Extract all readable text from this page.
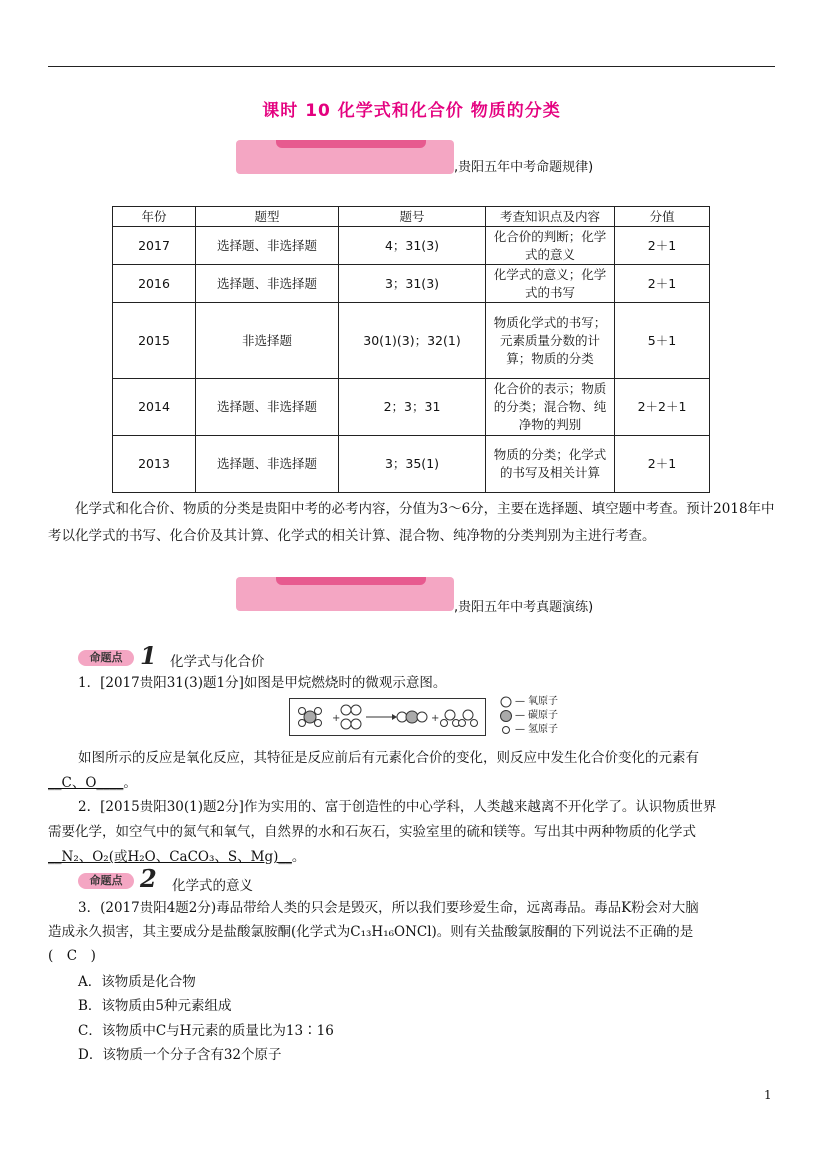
课时 10 化学式和化合价 物质的分类
,贵阳五年中考命题规律)
年份	题型	题号	考查知识点及内容	分值
2017	选择题、非选择题	4；31(3)	化合价的判断；化学式的意义	2＋1
2016	选择题、非选择题	3；31(3)	化学式的意义；化学式的书写	2＋1
2015	非选择题	30(1)(3)；32(1)	物质化学式的书写；元素质量分数的计算；物质的分类	5＋1
2014	选择题、非选择题	2；3；31	化合价的表示；物质的分类；混合物、纯净物的判别	2＋2＋1
2013	选择题、非选择题	3；35(1)	物质的分类；化学式的书写及相关计算	2＋1
化学式和化合价、物质的分类是贵阳中考的必考内容，分值为3～6分，主要在选择题、填空题中考查。预计2018年中考以化学式的书写、化合价及其计算、化学式的相关计算、混合物、纯净物的分类判别为主进行考查。
,贵阳五年中考真题演练)
命题点 1 化学式与化合价
1．[2017贵阳31(3)题1分]如图是甲烷燃烧时的微观示意图。
+	+
— 氧原子
— 碳原子
— 氢原子
如图所示的反应是氧化反应，其特征是反应前后有元素化合价的变化，则反应中发生化合价变化的元素有
__C、O____。
2．[2015贵阳30(1)题2分]作为实用的、富于创造性的中心学科，人类越来越离不开化学了。认识物质世界
需要化学，如空气中的氮气和氧气，自然界的水和石灰石，实验室里的硫和镁等。写出其中两种物质的化学式
__N₂、O₂(或H₂O、CaCO₃、S、Mg)__。
命题点 2 化学式的意义
3．(2017贵阳4题2分)毒品带给人类的只会是毁灭，所以我们要珍爱生命，远离毒品。毒品K粉会对大脑
造成永久损害，其主要成分是盐酸氯胺酮(化学式为C₁₃H₁₆ONCl)。则有关盐酸氯胺酮的下列说法不正确的是
(　C　)
A．该物质是化合物
B．该物质由5种元素组成
C．该物质中C与H元素的质量比为13∶16
D．该物质一个分子含有32个原子
1
